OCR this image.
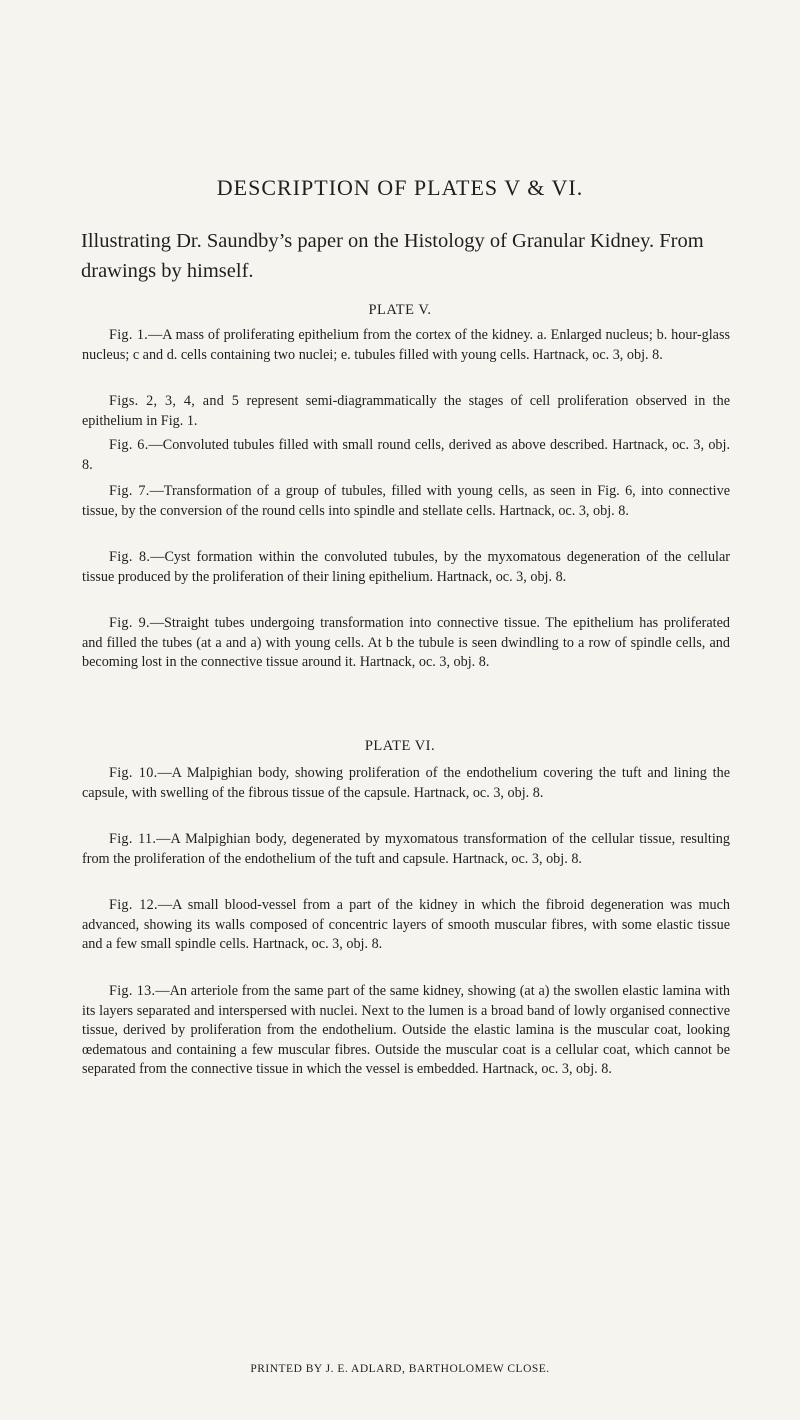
DESCRIPTION OF PLATES V & VI.
Illustrating Dr. Saundby’s paper on the Histology of Granular Kidney. From drawings by himself.
PLATE V.

Fig. 1.—A mass of proliferating epithelium from the cortex of the kidney. a. Enlarged nucleus; b. hour-glass nucleus; c and d. cells containing two nuclei; e. tubules filled with young cells. Hartnack, oc. 3, obj. 8.

Figs. 2, 3, 4, and 5 represent semi-diagrammatically the stages of cell proliferation observed in the epithelium in Fig. 1.

Fig. 6.—Convoluted tubules filled with small round cells, derived as above described. Hartnack, oc. 3, obj. 8.

Fig. 7.—Transformation of a group of tubules, filled with young cells, as seen in Fig. 6, into connective tissue, by the conversion of the round cells into spindle and stellate cells. Hartnack, oc. 3, obj. 8.

Fig. 8.—Cyst formation within the convoluted tubules, by the myxomatous degeneration of the cellular tissue produced by the proliferation of their lining epithelium. Hartnack, oc. 3, obj. 8.

Fig. 9.—Straight tubes undergoing transformation into connective tissue. The epithelium has proliferated and filled the tubes (at a and a) with young cells. At b the tubule is seen dwindling to a row of spindle cells, and becoming lost in the connective tissue around it. Hartnack, oc. 3, obj. 8.

PLATE VI.

Fig. 10.—A Malpighian body, showing proliferation of the endothelium covering the tuft and lining the capsule, with swelling of the fibrous tissue of the capsule. Hartnack, oc. 3, obj. 8.

Fig. 11.—A Malpighian body, degenerated by myxomatous transformation of the cellular tissue, resulting from the proliferation of the endothelium of the tuft and capsule. Hartnack, oc. 3, obj. 8.

Fig. 12.—A small blood-vessel from a part of the kidney in which the fibroid degeneration was much advanced, showing its walls composed of concentric layers of smooth muscular fibres, with some elastic tissue and a few small spindle cells. Hartnack, oc. 3, obj. 8.

Fig. 13.—An arteriole from the same part of the same kidney, showing (at a) the swollen elastic lamina with its layers separated and interspersed with nuclei. Next to the lumen is a broad band of lowly organised connective tissue, derived by proliferation from the endothelium. Outside the elastic lamina is the muscular coat, looking œdematous and containing a few muscular fibres. Outside the muscular coat is a cellular coat, which cannot be separated from the connective tissue in which the vessel is embedded. Hartnack, oc. 3, obj. 8.

PRINTED BY J. E. ADLARD, BARTHOLOMEW CLOSE.
